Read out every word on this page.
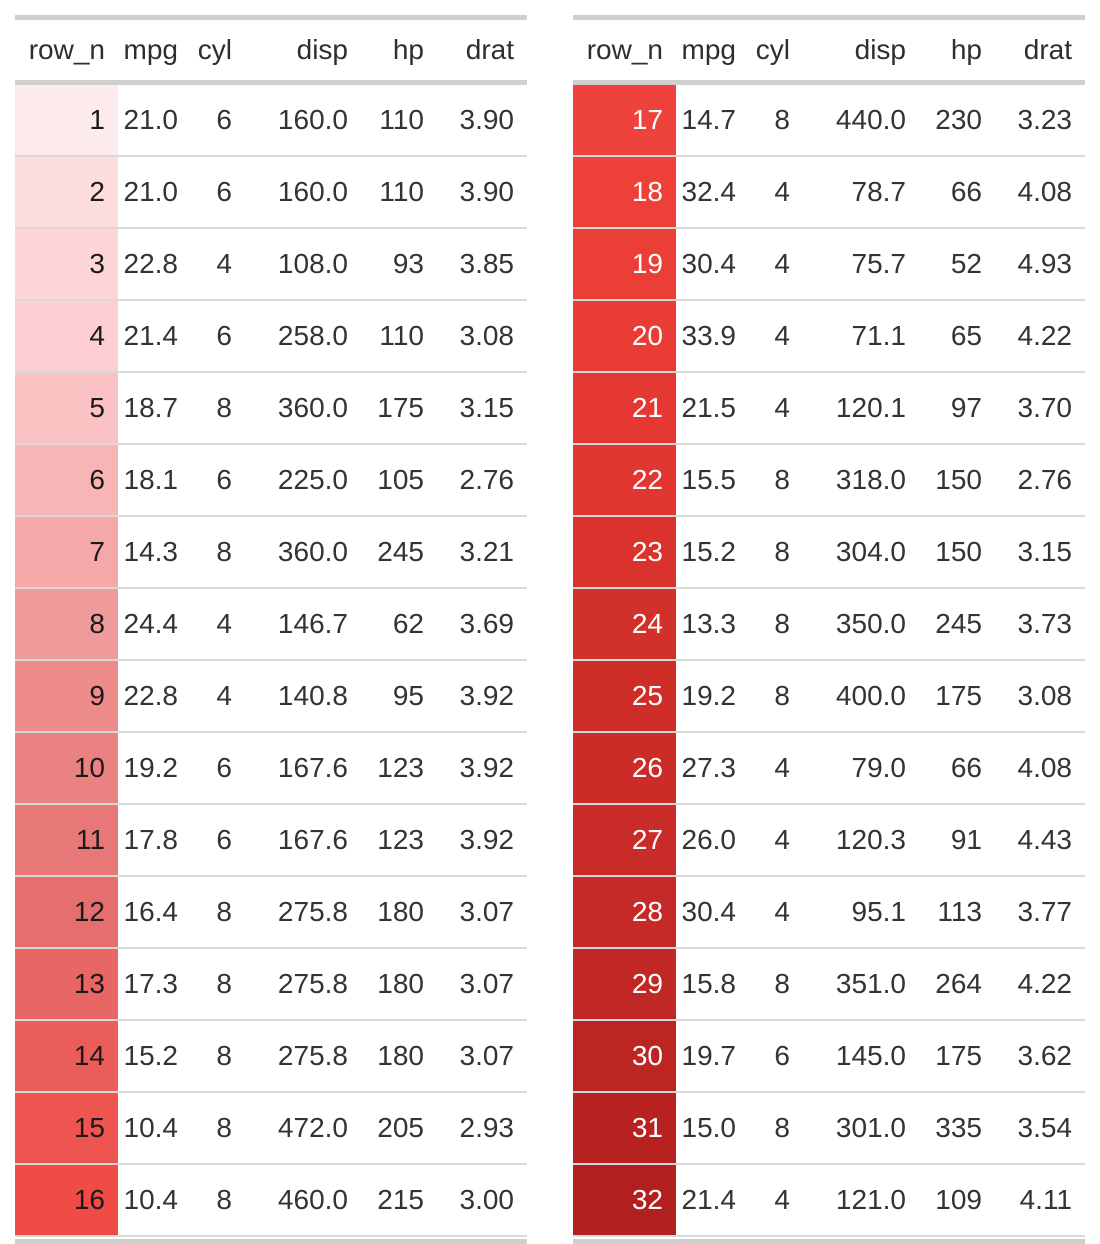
row_n	mpg	cyl	disp	hp	drat
1	21.0	6	160.0	110	3.90
2	21.0	6	160.0	110	3.90
3	22.8	4	108.0	93	3.85
4	21.4	6	258.0	110	3.08
5	18.7	8	360.0	175	3.15
6	18.1	6	225.0	105	2.76
7	14.3	8	360.0	245	3.21
8	24.4	4	146.7	62	3.69
9	22.8	4	140.8	95	3.92
10	19.2	6	167.6	123	3.92
11	17.8	6	167.6	123	3.92
12	16.4	8	275.8	180	3.07
13	17.3	8	275.8	180	3.07
14	15.2	8	275.8	180	3.07
15	10.4	8	472.0	205	2.93
16	10.4	8	460.0	215	3.00
row_n	mpg	cyl	disp	hp	drat
17	14.7	8	440.0	230	3.23
18	32.4	4	78.7	66	4.08
19	30.4	4	75.7	52	4.93
20	33.9	4	71.1	65	4.22
21	21.5	4	120.1	97	3.70
22	15.5	8	318.0	150	2.76
23	15.2	8	304.0	150	3.15
24	13.3	8	350.0	245	3.73
25	19.2	8	400.0	175	3.08
26	27.3	4	79.0	66	4.08
27	26.0	4	120.3	91	4.43
28	30.4	4	95.1	113	3.77
29	15.8	8	351.0	264	4.22
30	19.7	6	145.0	175	3.62
31	15.0	8	301.0	335	3.54
32	21.4	4	121.0	109	4.11
